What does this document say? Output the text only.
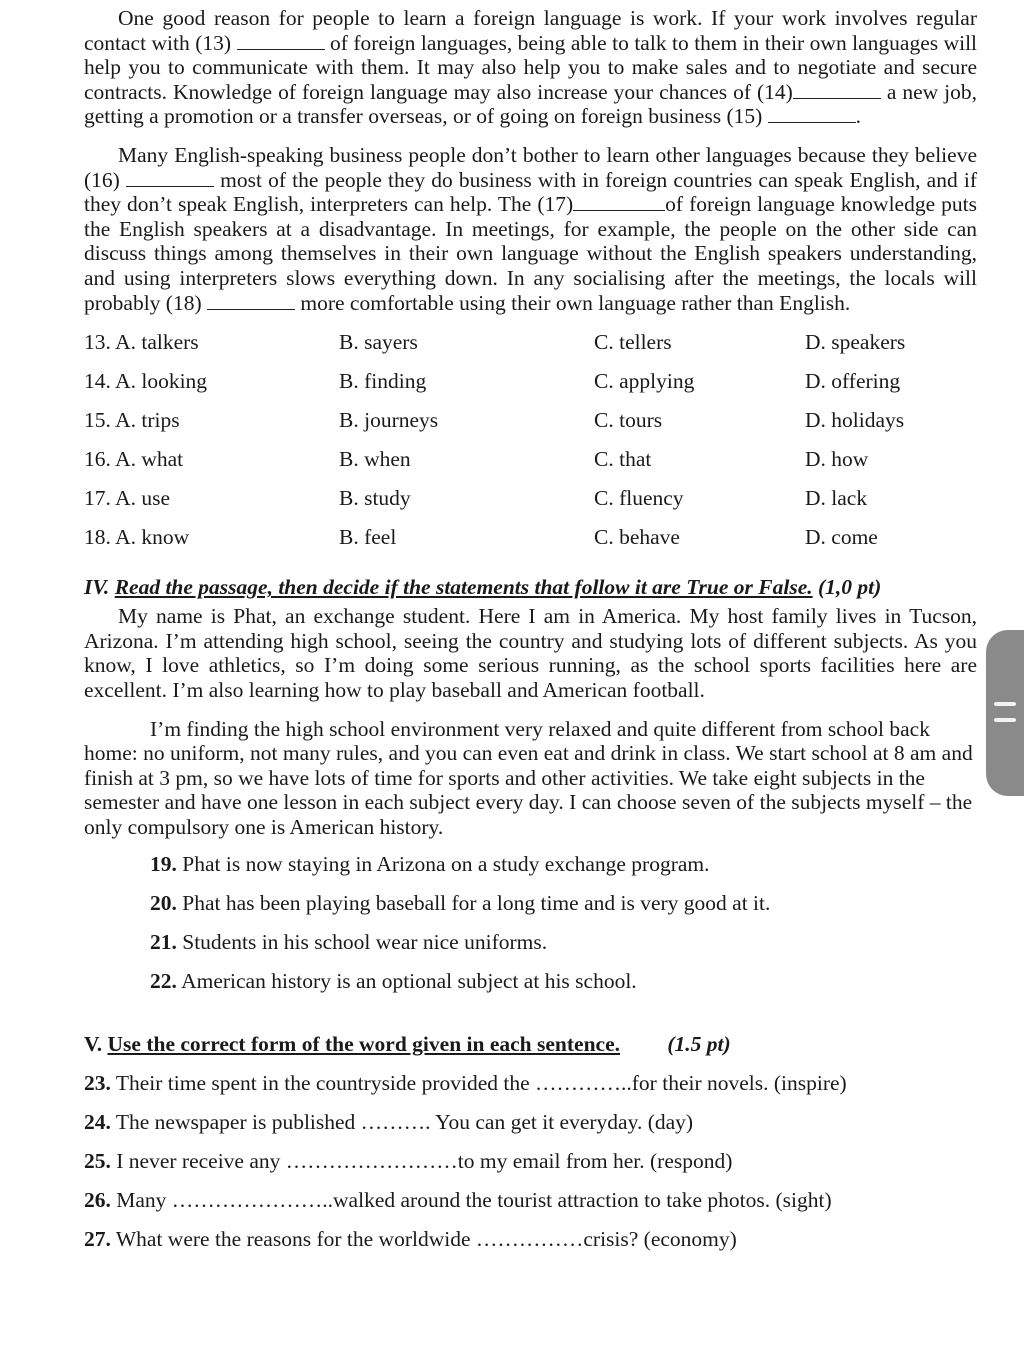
One good reason for people to learn a foreign language is work. If your work involves regular contact with (13)	of foreign languages, being able to talk to them in their own languages will help you to communicate with them. It may also help you to make sales and to negotiate and secure contracts. Knowledge of foreign language may also increase your chances of (14)	a new job, getting a promotion or a transfer overseas, or of going on foreign business (15)	.

Many English-speaking business people don’t bother to learn other languages because they believe (16)	most of the people they do business with in foreign countries can speak English, and if they don’t speak English, interpreters can help. The (17)	of foreign language knowledge puts the English speakers at a disadvantage. In meetings, for example, the people on the other side can discuss things among themselves in their own language without the English speakers understanding, and using interpreters slows everything down. In any socialising after the meetings, the locals will probably (18)	more comfortable using their own language rather than English.

13. A. talkers	B. sayers	C. tellers	D. speakers
14. A. looking	B. finding	C. applying	D. offering
15. A. trips	B. journeys	C. tours	D. holidays
16. A. what	B. when	C. that	D. how
17. A. use	B. study	C. fluency	D. lack
18. A. know	B. feel	C. behave	D. come
IV. Read the passage, then decide if the statements that follow it are True or False. (1,0 pt)

My name is Phat, an exchange student. Here I am in America. My host family lives in Tucson, Arizona. I’m attending high school, seeing the country and studying lots of different subjects. As you know, I love athletics, so I’m doing some serious running, as the school sports facilities here are excellent. I’m also learning how to play baseball and American football.

I’m finding the high school environment very relaxed and quite different from school back home: no uniform, not many rules, and you can even eat and drink in class. We start school at 8 am and finish at 3 pm, so we have lots of time for sports and other activities. We take eight subjects in the semester and have one lesson in each subject every day. I can choose seven of the subjects myself – the only compulsory one is American history.

19. Phat is now staying in Arizona on a study exchange program.
20. Phat has been playing baseball for a long time and is very good at it.
21. Students in his school wear nice uniforms.
22. American history is an optional subject at his school.
V. Use the correct form of the word given in each sentence. (1.5 pt)
23. Their time spent in the countryside provided the …………..for their novels. (inspire)
24. The newspaper is published ………. You can get it everyday. (day)
25. I never receive any ……………………to my email from her. (respond)
26. Many …………………..walked around the tourist attraction to take photos. (sight)
27. What were the reasons for the worldwide ……………crisis? (economy)
